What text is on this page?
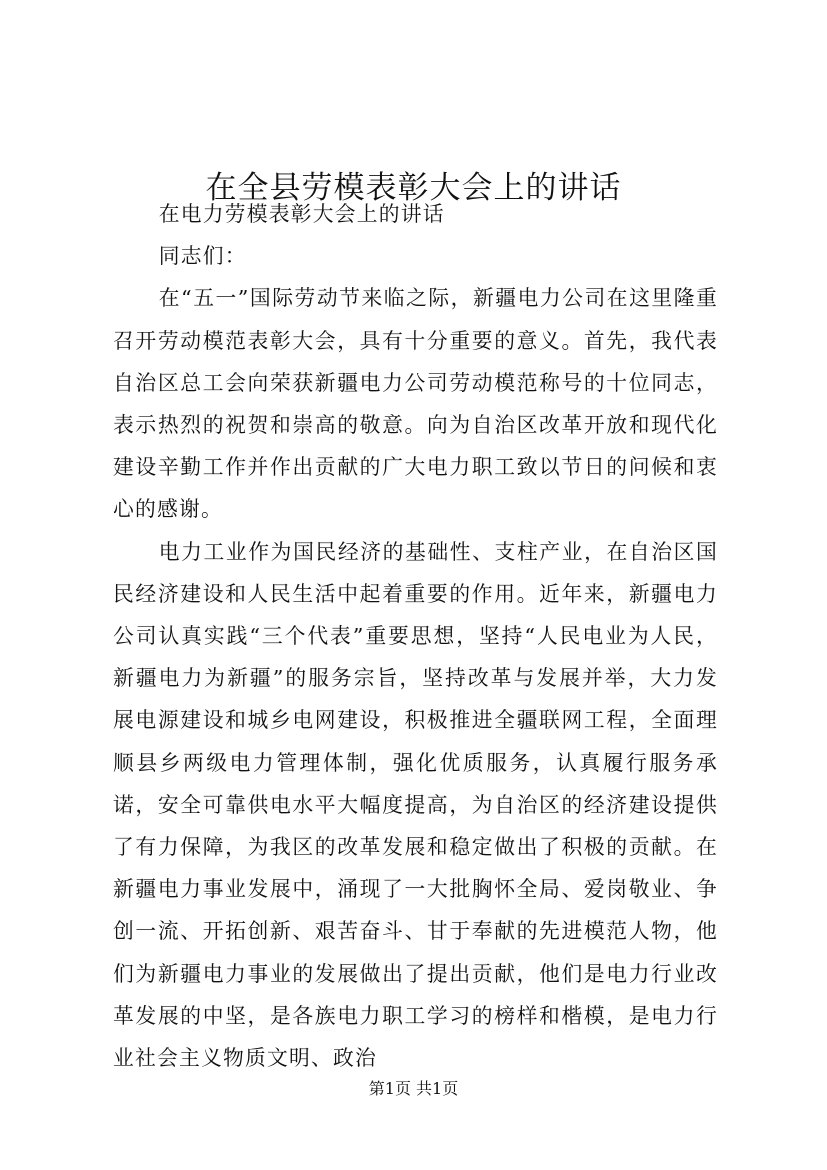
在全县劳模表彰大会上的讲话

在电力劳模表彰大会上的讲话

同志们：

在“五一”国际劳动节来临之际，新疆电力公司在这里隆重召开劳动模范表彰大会，具有十分重要的意义。首先，我代表自治区总工会向荣获新疆电力公司劳动模范称号的十位同志，表示热烈的祝贺和崇高的敬意。向为自治区改革开放和现代化建设辛勤工作并作出贡献的广大电力职工致以节日的问候和衷心的感谢。

电力工业作为国民经济的基础性、支柱产业，在自治区国民经济建设和人民生活中起着重要的作用。近年来，新疆电力公司认真实践“三个代表”重要思想，坚持“人民电业为人民，新疆电力为新疆”的服务宗旨，坚持改革与发展并举，大力发展电源建设和城乡电网建设，积极推进全疆联网工程，全面理顺县乡两级电力管理体制，强化优质服务，认真履行服务承诺，安全可靠供电水平大幅度提高，为自治区的经济建设提供了有力保障，为我区的改革发展和稳定做出了积极的贡献。在新疆电力事业发展中，涌现了一大批胸怀全局、爱岗敬业、争创一流、开拓创新、艰苦奋斗、甘于奉献的先进模范人物，他们为新疆电力事业的发展做出了提出贡献，他们是电力行业改革发展的中坚，是各族电力职工学习的榜样和楷模，是电力行业社会主义物质文明、政治

第1页 共1页
